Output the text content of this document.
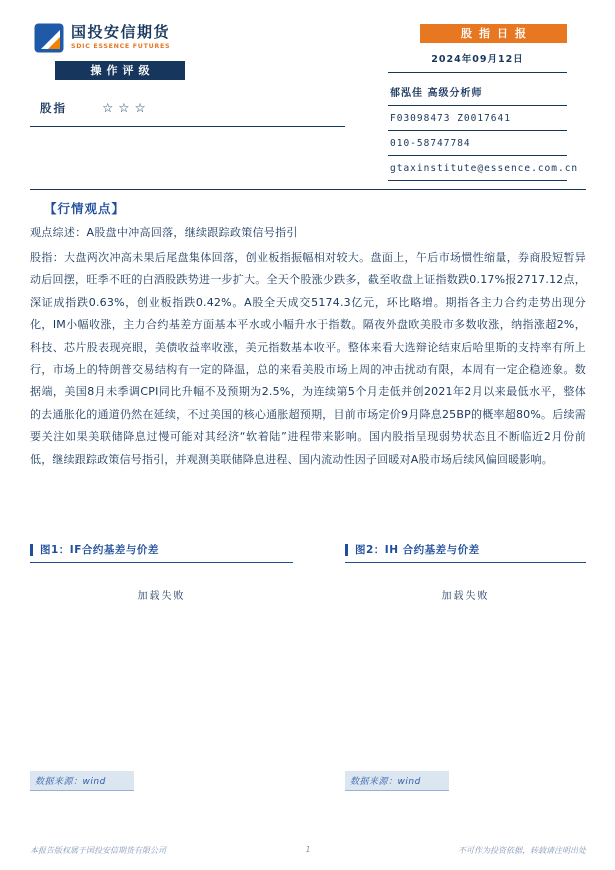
国投安信期货
SDIC ESSENCE FUTURES
股指日报
2024年09月12日
郁泓佳 高级分析师
F03098473 Z0017641
010-58747784
gtaxinstitute@essence.com.cn
操作评级
股指	☆☆☆
【行情观点】
观点综述：A股盘中冲高回落，继续跟踪政策信号指引
股指：大盘两次冲高未果后尾盘集体回落，创业板指振幅相对较大。盘面上，午后市场惯性缩量，券商股短暂异动后回摆，旺季不旺的白酒股跌势进一步扩大。全天个股涨少跌多，截至收盘上证指数跌0.17%报2717.12点，深证成指跌0.63%，创业板指跌0.42%。A股全天成交5174.3亿元，环比略增。期指各主力合约走势出现分化，IM小幅收涨，主力合约基差方面基本平水或小幅升水于指数。隔夜外盘欧美股市多数收涨，纳指涨超2%，科技、芯片股表现亮眼，美债收益率收涨，美元指数基本收平。整体来看大选辩论结束后哈里斯的支持率有所上行，市场上的特朗普交易结构有一定的降温，总的来看美股市场上周的冲击扰动有限，本周有一定企稳迹象。数据端，美国8月未季调CPI同比升幅不及预期为2.5%，为连续第5个月走低并创2021年2月以来最低水平，整体的去通胀化的通道仍然在延续，不过美国的核心通胀超预期，目前市场定价9月降息25BP的概率超80%。后续需要关注如果美联储降息过慢可能对其经济“软着陆”进程带来影响。国内股指呈现弱势状态且不断临近2月份前低，继续跟踪政策信号指引，并观测美联储降息进程、国内流动性因子回暖对A股市场后续风偏回暖影响。
图1：IF合约基差与价差
加载失败
数据来源：wind
图2：IH 合约基差与价差
加载失败
数据来源：wind
本报告版权属于国投安信期货有限公司	1	不可作为投资依据，转载请注明出处
